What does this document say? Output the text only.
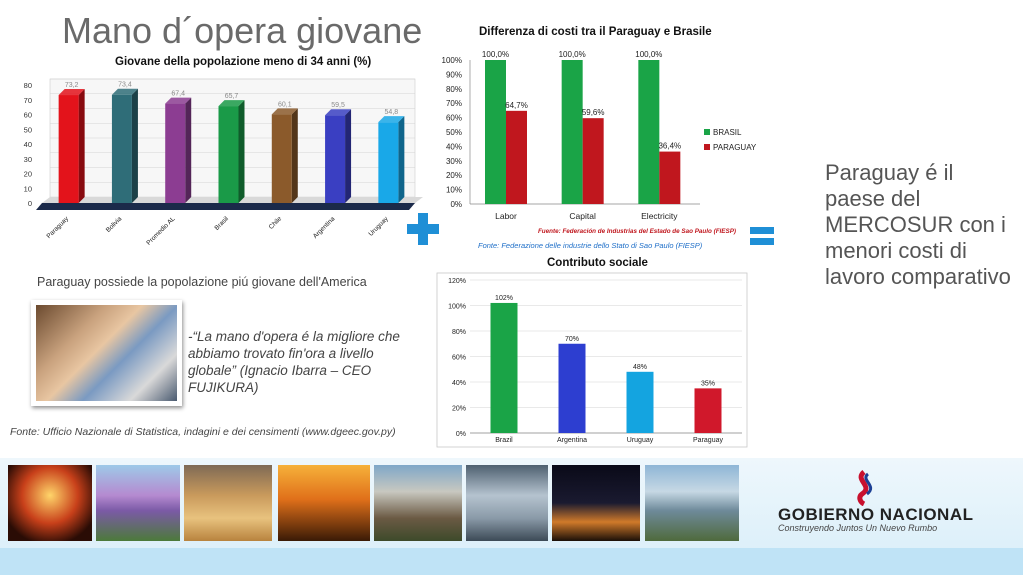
Mano d´opera giovane
Giovane della popolazione meno di 34 anni (%)
0
10
20
30
40
50
60
70
80	73,2
Paraguay
73,4
Bolivia
67,4
Promedio AL
65,7
Brasil
60,1
Chile
59,5
Argentina
54,8
Uruguay
Differenza di costi tra il Paraguay e Brasile
0%
10%
20%
30%
40%
50%
60%
70%
80%
90%
100%
100,0%
64,7%
Labor
100,0%
59,6%
Capital
100,0%
36,4%
Electricity
BRASIL
PARAGUAY
Fuente: Federación de Industrias del Estado de Sao Paulo (FIESP)
Fonte: Federazione delle industrie dello Stato di Sao Paulo (FIESP)
Contributo sociale
0%
20%
40%
60%
80%
100%
120%
102%
Brazil
70%
Argentina
48%
Uruguay
35%
Paraguay
Paraguay é il paese del MERCOSUR con i menori costi di lavoro comparativo
Paraguay possiede la popolazione piú giovane dell'America
-“La mano d'opera é la migliore che abbiamo trovato fin'ora a livello globale” (Ignacio Ibarra – CEO FUJIKURA)
Fonte: Ufficio Nazionale di Statistica, indagini e dei censimenti (www.dgeec.gov.py)
GOBIERNO NACIONAL
Construyendo Juntos Un Nuevo Rumbo
